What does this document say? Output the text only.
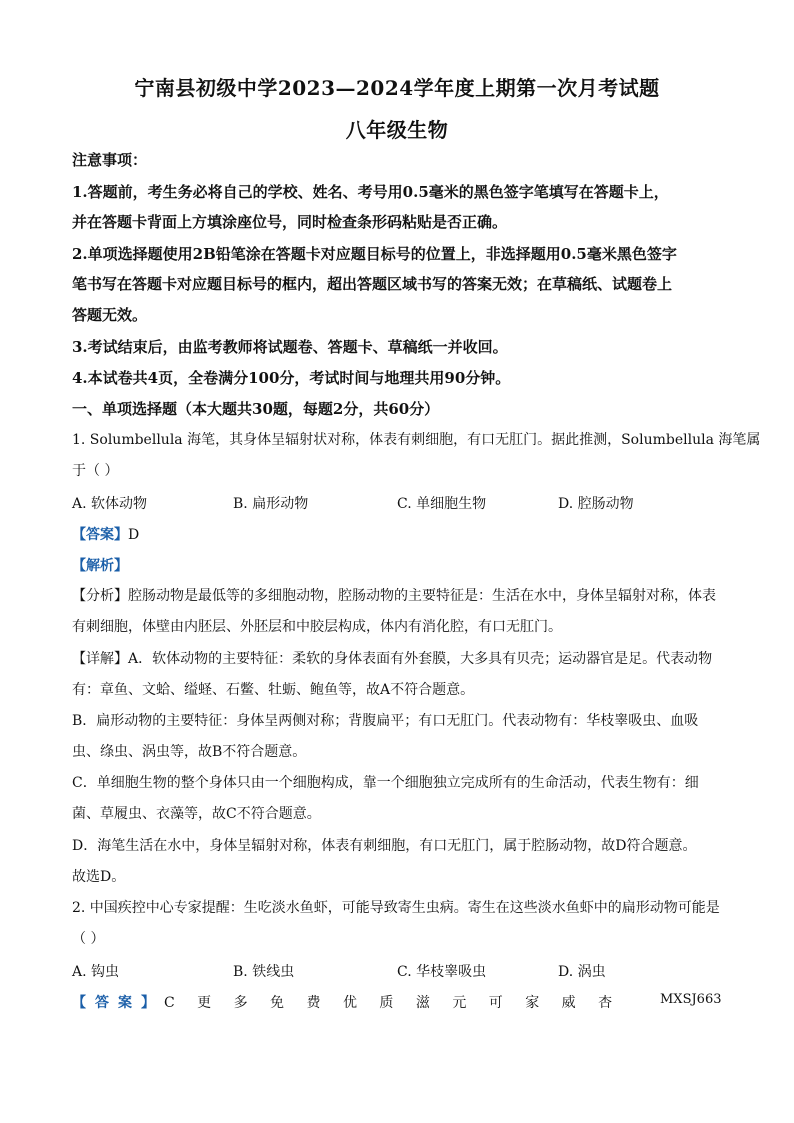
宁南县初级中学2023—2024学年度上期第一次月考试题
八年级生物
注意事项：
1.答题前，考生务必将自己的学校、姓名、考号用0.5毫米的黑色签字笔填写在答题卡上，
并在答题卡背面上方填涂座位号，同时检查条形码粘贴是否正确。
2.单项选择题使用2B铅笔涂在答题卡对应题目标号的位置上，非选择题用0.5毫米黑色签字
笔书写在答题卡对应题目标号的框内，超出答题区域书写的答案无效；在草稿纸、试题卷上
答题无效。
3.考试结束后，由监考教师将试题卷、答题卡、草稿纸一并收回。
4.本试卷共4页，全卷满分100分，考试时间与地理共用90分钟。
一、单项选择题（本大题共30题，每题2分，共60分）
1. Solumbellula 海笔，其身体呈辐射状对称，体表有刺细胞，有口无肛门。据此推测，Solumbellula 海笔属
于（ ）
A. 软体动物	B. 扁形动物	C. 单细胞生物	D. 腔肠动物
【答案】D
【解析】
【分析】腔肠动物是最低等的多细胞动物，腔肠动物的主要特征是：生活在水中，身体呈辐射对称，体表
有刺细胞，体壁由内胚层、外胚层和中胶层构成，体内有消化腔，有口无肛门。
【详解】A．软体动物的主要特征：柔软的身体表面有外套膜，大多具有贝壳；运动器官是足。代表动物
有：章鱼、文蛤、缢蛏、石鳖、牡蛎、鲍鱼等，故A不符合题意。
B．扁形动物的主要特征：身体呈两侧对称；背腹扁平；有口无肛门。代表动物有：华枝睾吸虫、血吸
虫、绦虫、涡虫等，故B不符合题意。
C．单细胞生物的整个身体只由一个细胞构成，靠一个细胞独立完成所有的生命活动，代表生物有：细
菌、草履虫、衣藻等，故C不符合题意。
D．海笔生活在水中，身体呈辐射对称，体表有刺细胞，有口无肛门，属于腔肠动物，故D符合题意。
故选D。
2. 中国疾控中心专家提醒：生吃淡水鱼虾，可能导致寄生虫病。寄生在这些淡水鱼虾中的扁形动物可能是
（ ）
A. 钩虫	B. 铁线虫	C. 华枝睾吸虫	D. 涡虫
【答案】C 更 多 免 费 优 质 滋 元 可 家 威 杏	MXSJ663
